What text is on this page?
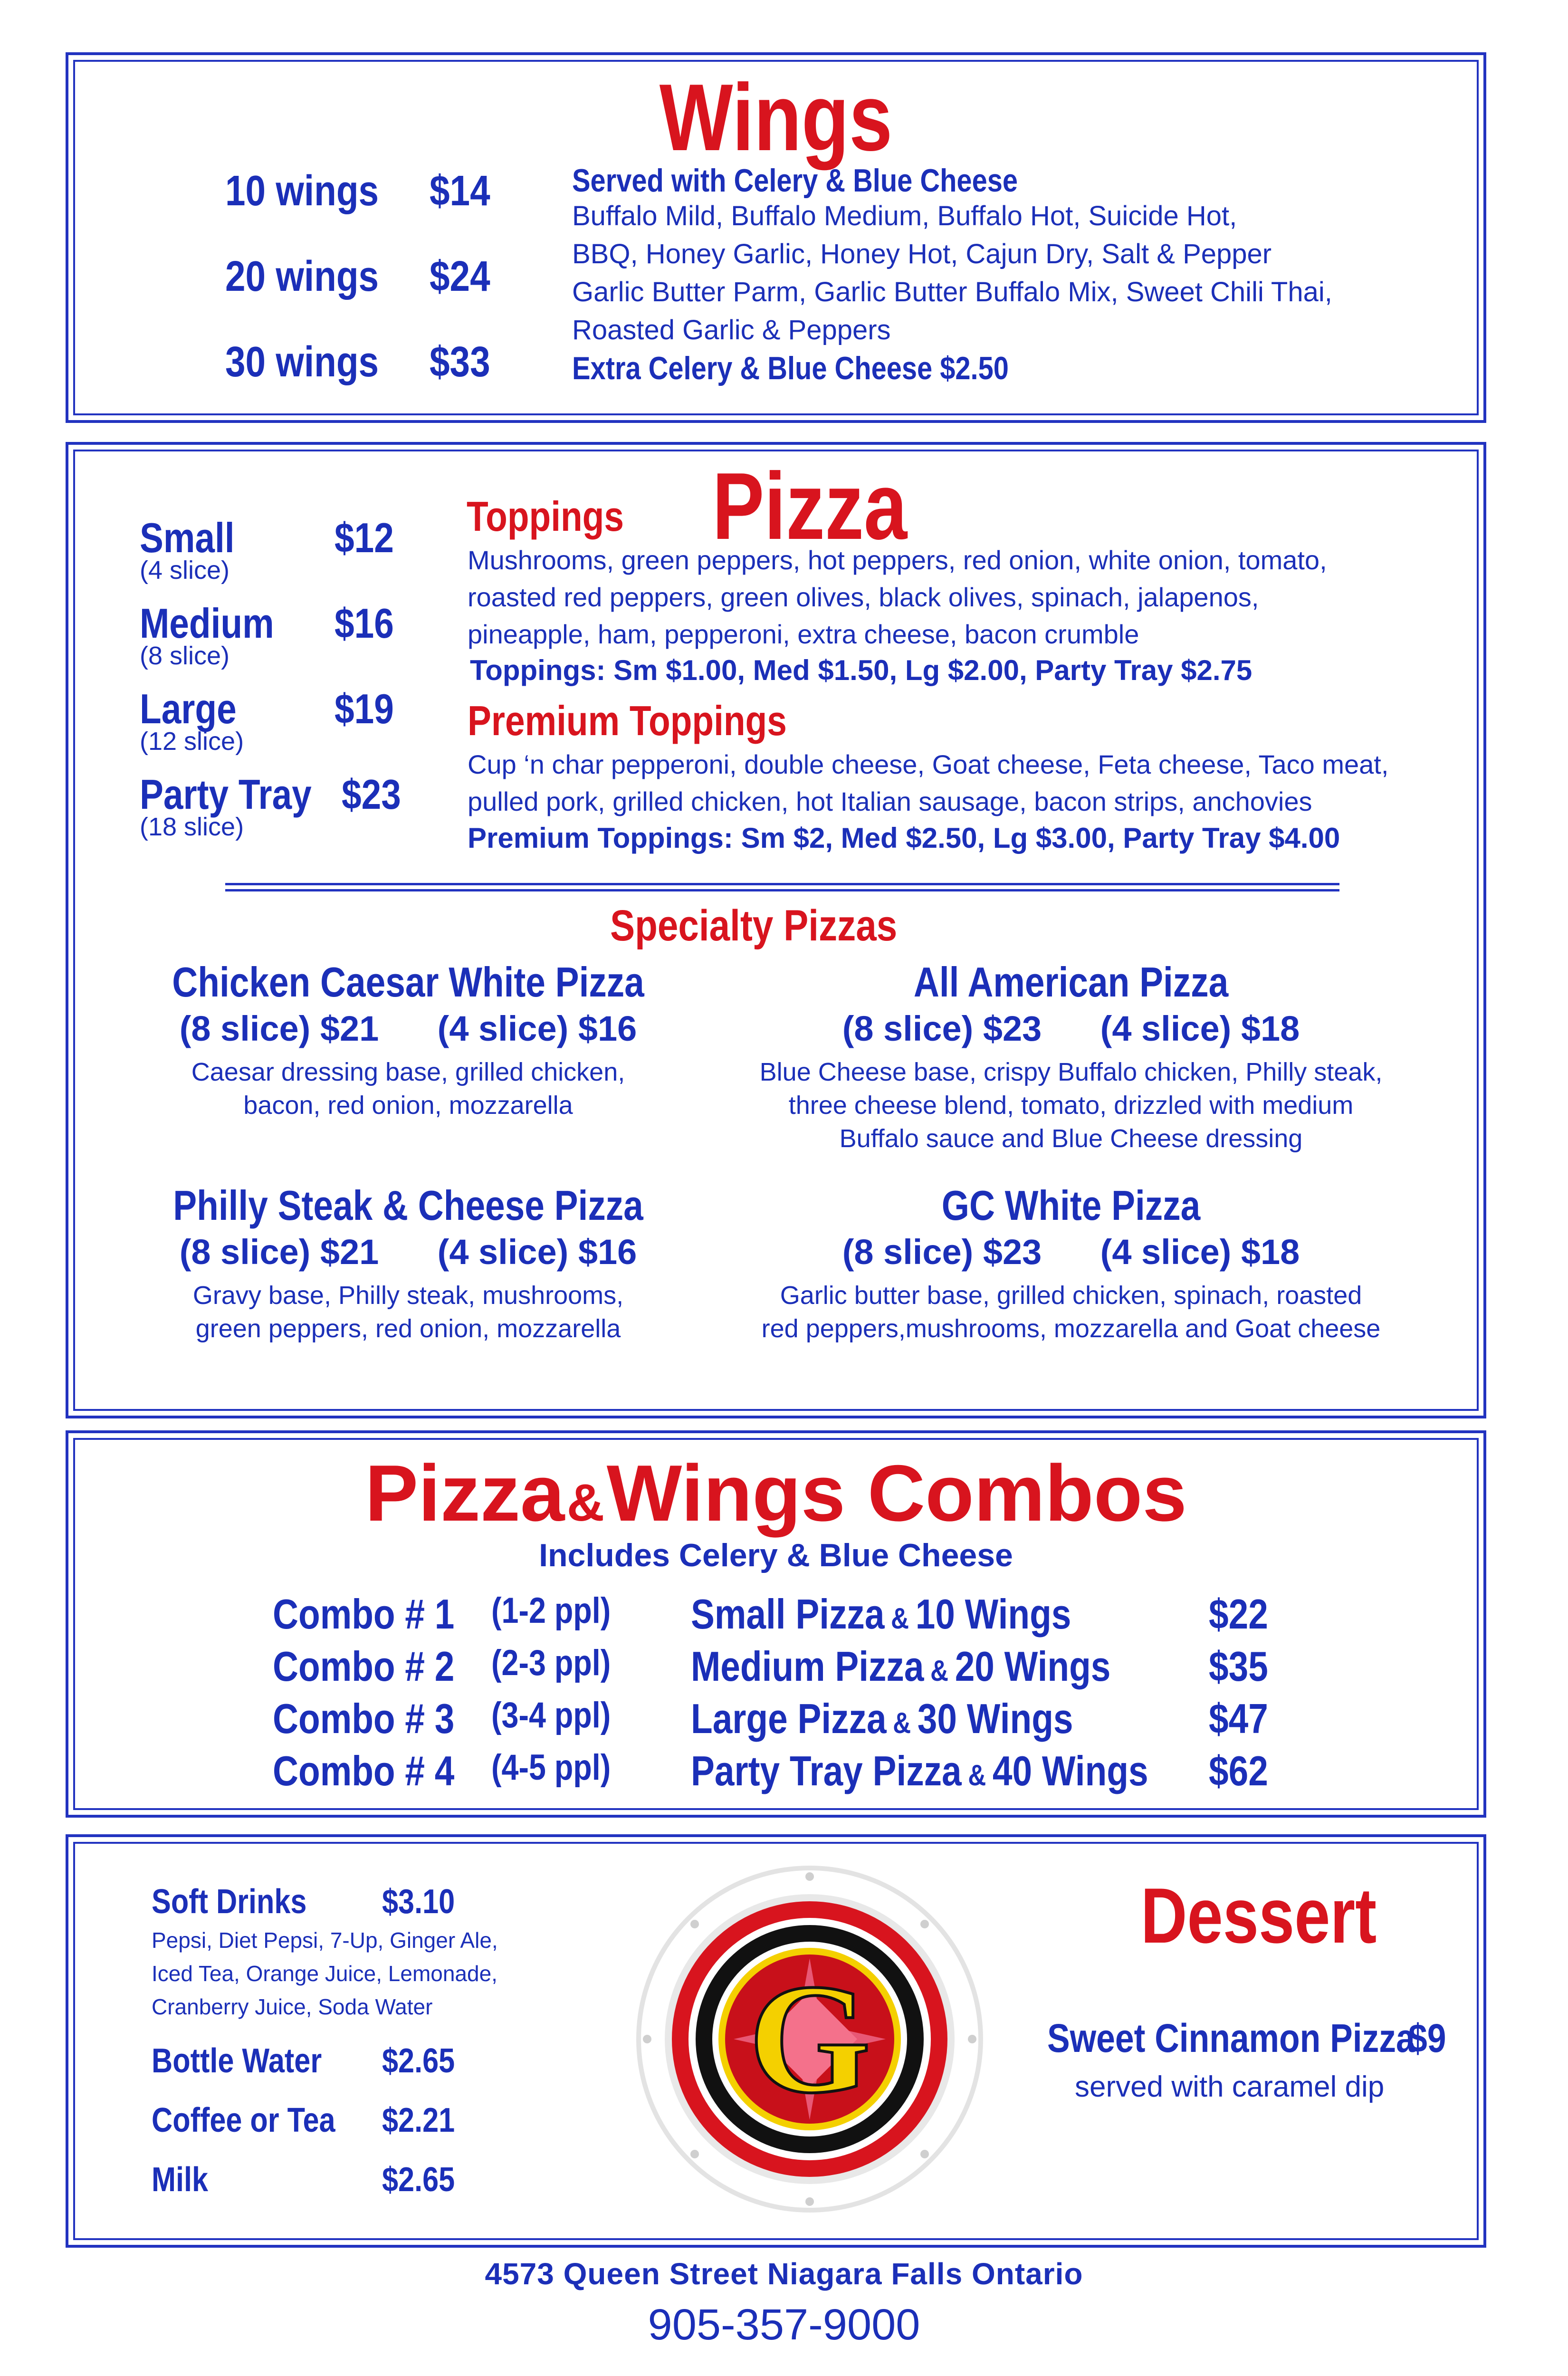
Wings
10 wings $14
20 wings $24
30 wings $33
Served with Celery & Blue Cheese
Buffalo Mild, Buffalo Medium, Buffalo Hot, Suicide Hot,
BBQ, Honey Garlic, Honey Hot, Cajun Dry, Salt & Pepper
Garlic Butter Parm, Garlic Butter Buffalo Mix, Sweet Chili Thai,
Roasted Garlic & Peppers
Extra Celery & Blue Cheese $2.50
Small $12
(4 slice)
Medium $16
(8 slice)
Large $19
(12 slice)
Party Tray $23
(18 slice)
Toppings Pizza
Mushrooms, green peppers, hot peppers, red onion, white onion, tomato,
roasted red peppers, green olives, black olives, spinach, jalapenos,
pineapple, ham, pepperoni, extra cheese, bacon crumble
Toppings: Sm $1.00, Med $1.50, Lg $2.00, Party Tray $2.75
Premium Toppings
Cup ‘n char pepperoni, double cheese, Goat cheese, Feta cheese, Taco meat,
pulled pork, grilled chicken, hot Italian sausage, bacon strips, anchovies
Premium Toppings: Sm $2, Med $2.50, Lg $3.00, Party Tray $4.00
Specialty Pizzas
Chicken Caesar White Pizza
(8 slice) $21      (4 slice) $16
Caesar dressing base, grilled chicken,
bacon, red onion, mozzarella
Philly Steak & Cheese Pizza
(8 slice) $21      (4 slice) $16
Gravy base, Philly steak, mushrooms,
green peppers, red onion, mozzarella
All American Pizza
(8 slice) $23      (4 slice) $18
Blue Cheese base, crispy Buffalo chicken, Philly steak,
three cheese blend, tomato, drizzled with medium
Buffalo sauce and Blue Cheese dressing
GC White Pizza
(8 slice) $23      (4 slice) $18
Garlic butter base, grilled chicken, spinach, roasted
red peppers,mushrooms, mozzarella and Goat cheese
Pizza & Wings Combos
Includes Celery & Blue Cheese
Combo # 1 (1-2 ppl) Small Pizza & 10 Wings	$22
Combo # 2 (2-3 ppl) Medium Pizza & 20 Wings $35
Combo # 3 (3-4 ppl) Large Pizza & 30 Wings	$47
Combo # 4 (4-5 ppl) Party Tray Pizza & 40 Wings $62
Soft Drinks $3.10
Pepsi, Diet Pepsi, 7-Up, Ginger Ale,
Iced Tea, Orange Juice, Lemonade,
Cranberry Juice, Soda Water
Bottle Water $2.65
Coffee or Tea $2.21
Milk	$2.65
G
Dessert
Sweet Cinnamon Pizza
$9
served with caramel dip
4573 Queen Street Niagara Falls Ontario
905-357-9000
